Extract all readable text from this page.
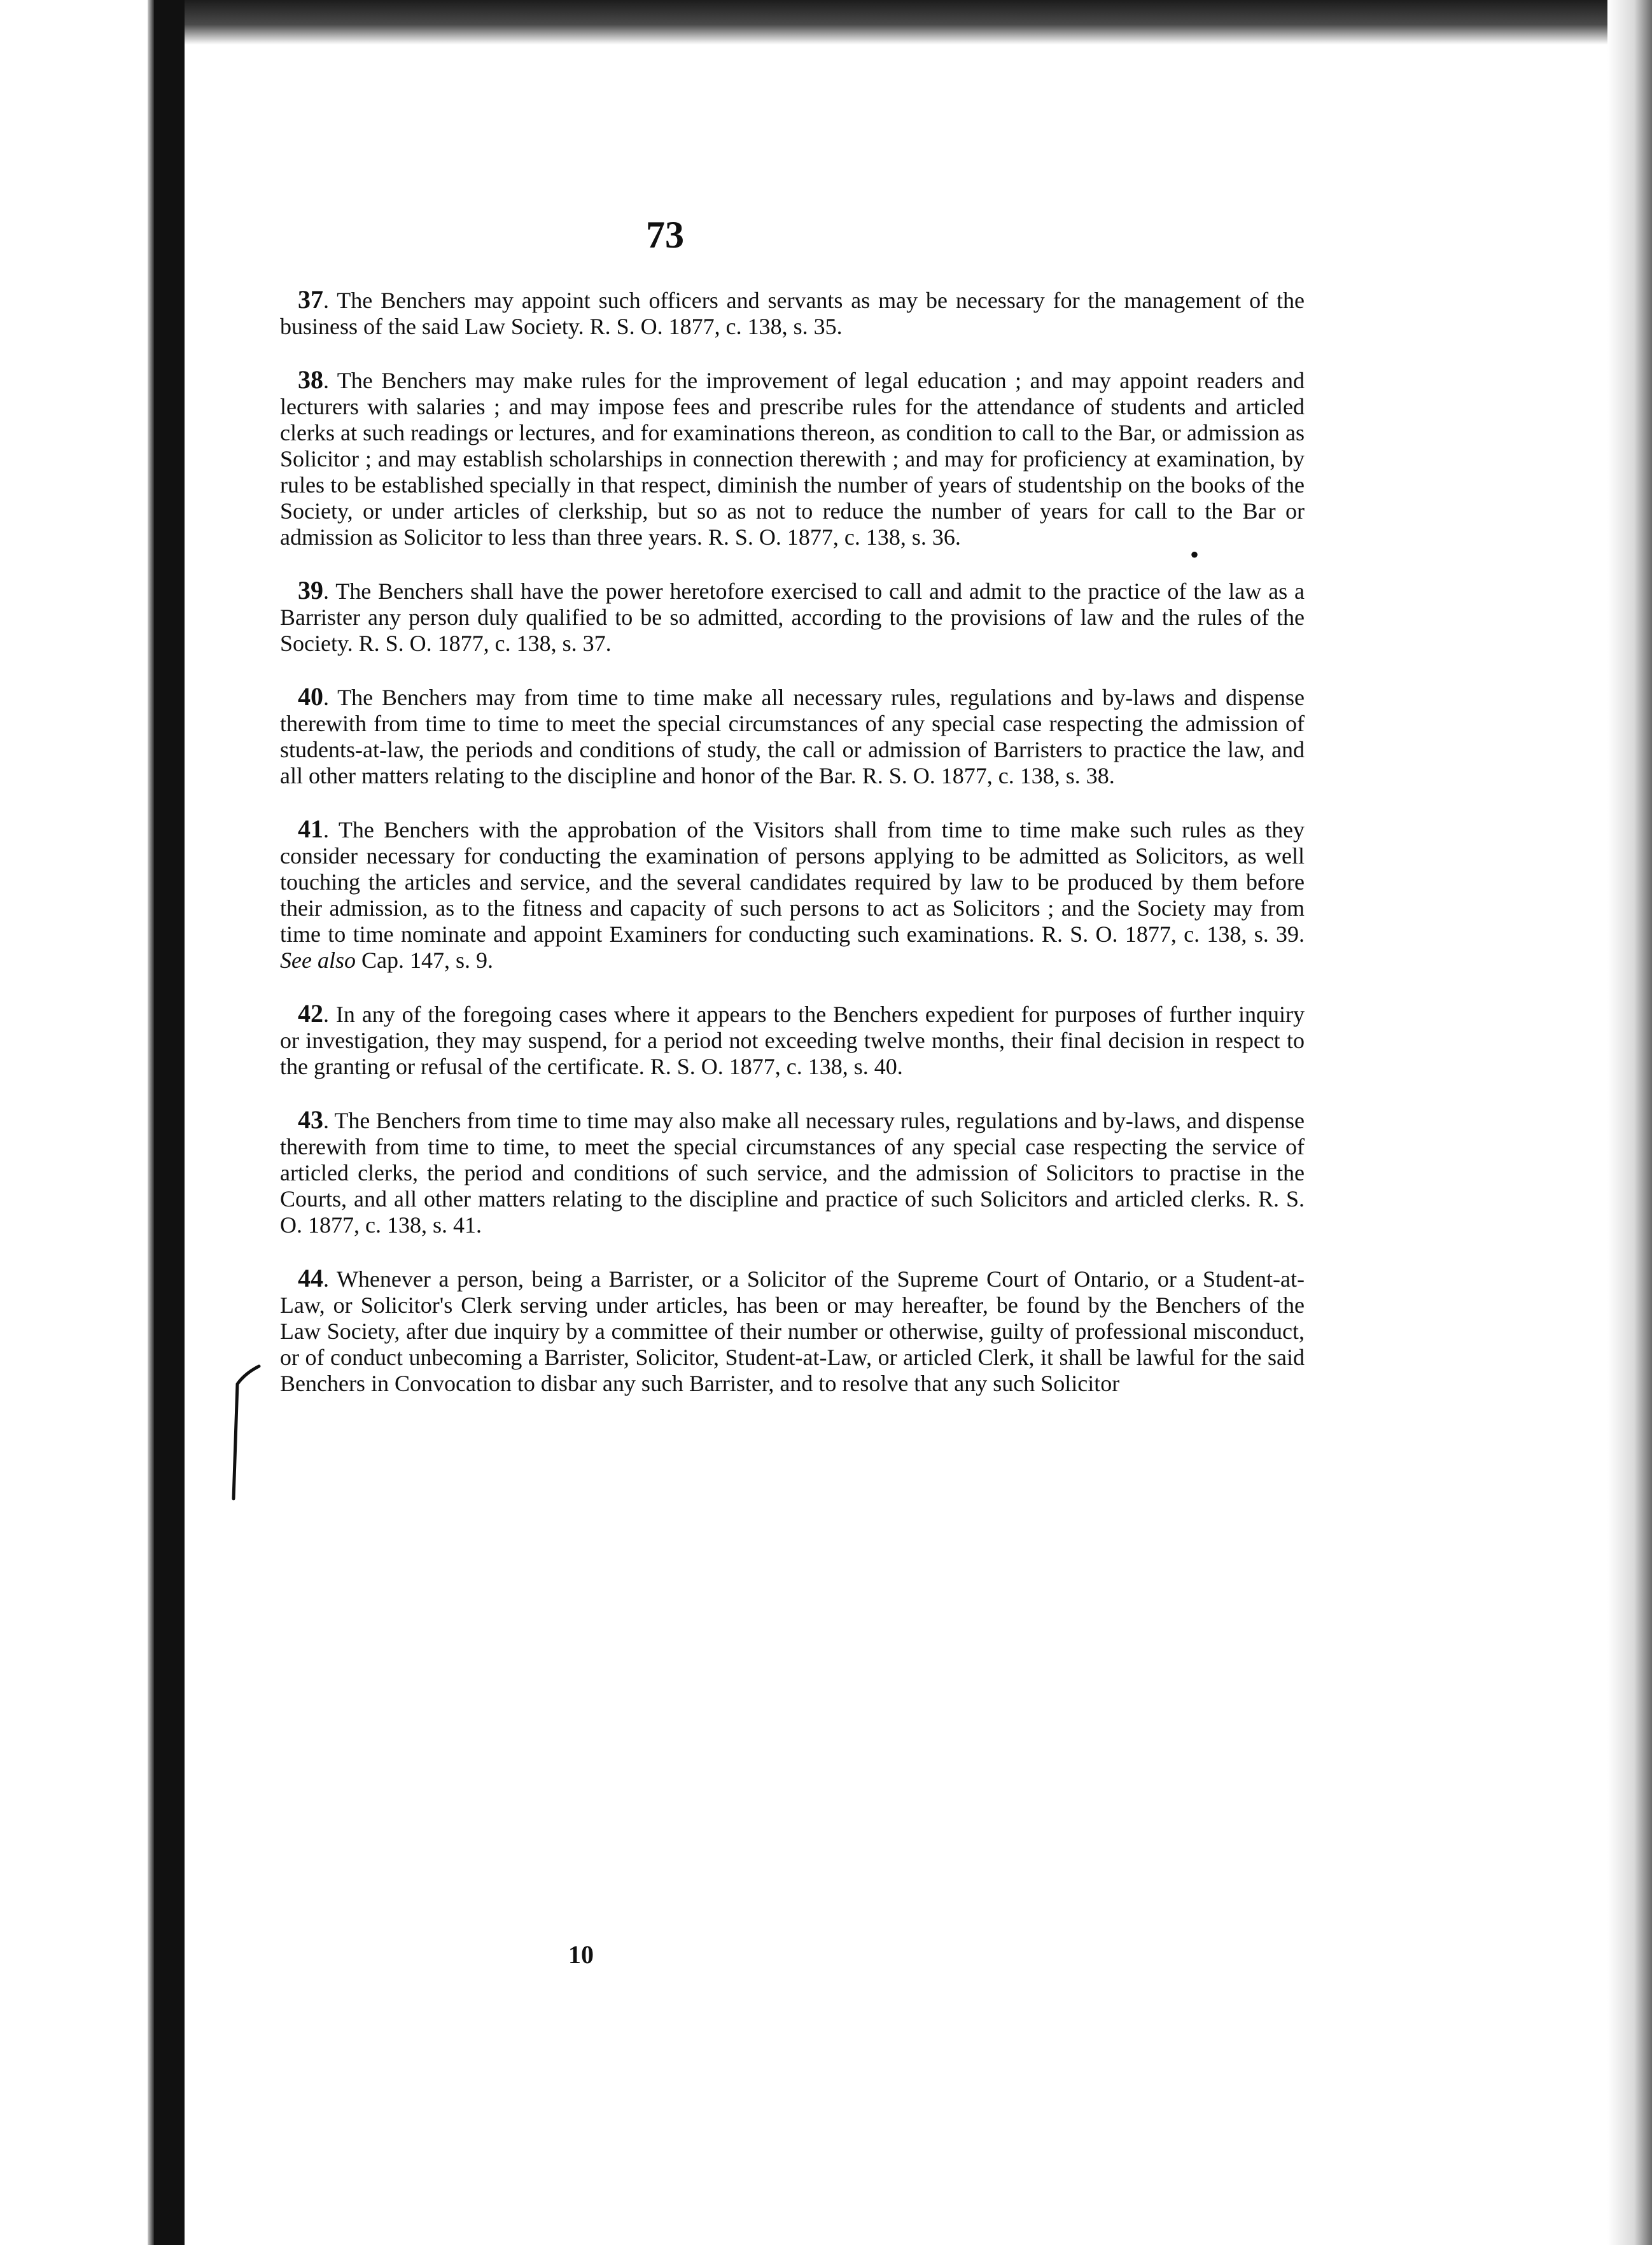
73
•

37. The Benchers may appoint such officers and servants as may be necessary for the management of the business of the said Law Society. R. S. O. 1877, c. 138, s. 35.

38. The Benchers may make rules for the improvement of legal education ; and may appoint readers and lecturers with salaries ; and may impose fees and prescribe rules for the attendance of students and articled clerks at such readings or lectures, and for examinations thereon, as condition to call to the Bar, or admission as Solicitor ; and may establish scholarships in connection therewith ; and may for proficiency at examination, by rules to be established specially in that respect, diminish the number of years of studentship on the books of the Society, or under articles of clerkship, but so as not to reduce the number of years for call to the Bar or admission as Solicitor to less than three years. R. S. O. 1877, c. 138, s. 36.

39. The Benchers shall have the power heretofore exercised to call and admit to the practice of the law as a Barrister any person duly qualified to be so admitted, according to the provisions of law and the rules of the Society. R. S. O. 1877, c. 138, s. 37.

40. The Benchers may from time to time make all necessary rules, regulations and by-laws and dispense therewith from time to time to meet the special circumstances of any special case respecting the admission of students-at-law, the periods and conditions of study, the call or admission of Barristers to practice the law, and all other matters relating to the discipline and honor of the Bar. R. S. O. 1877, c. 138, s. 38.

41. The Benchers with the approbation of the Visitors shall from time to time make such rules as they consider necessary for conducting the examination of persons applying to be admitted as Solicitors, as well touching the articles and service, and the several candidates required by law to be produced by them before their admission, as to the fitness and capacity of such persons to act as Solicitors ; and the Society may from time to time nominate and appoint Examiners for conducting such examinations. R. S. O. 1877, c. 138, s. 39. See also Cap. 147, s. 9.

42. In any of the foregoing cases where it appears to the Benchers expedient for purposes of further inquiry or investigation, they may suspend, for a period not exceeding twelve months, their final decision in respect to the granting or refusal of the certificate. R. S. O. 1877, c. 138, s. 40.

43. The Benchers from time to time may also make all necessary rules, regulations and by-laws, and dispense therewith from time to time, to meet the special circumstances of any special case respecting the service of articled clerks, the period and conditions of such service, and the admission of Solicitors to practise in the Courts, and all other matters relating to the discipline and practice of such Solicitors and articled clerks. R. S. O. 1877, c. 138, s. 41.

44. Whenever a person, being a Barrister, or a Solicitor of the Supreme Court of Ontario, or a Student-at-Law, or Solicitor's Clerk serving under articles, has been or may hereafter, be found by the Benchers of the Law Society, after due inquiry by a committee of their number or otherwise, guilty of professional misconduct, or of conduct unbecoming a Barrister, Solicitor, Student-at-Law, or articled Clerk, it shall be lawful for the said Benchers in Convocation to disbar any such Barrister, and to resolve that any such Solicitor

10
